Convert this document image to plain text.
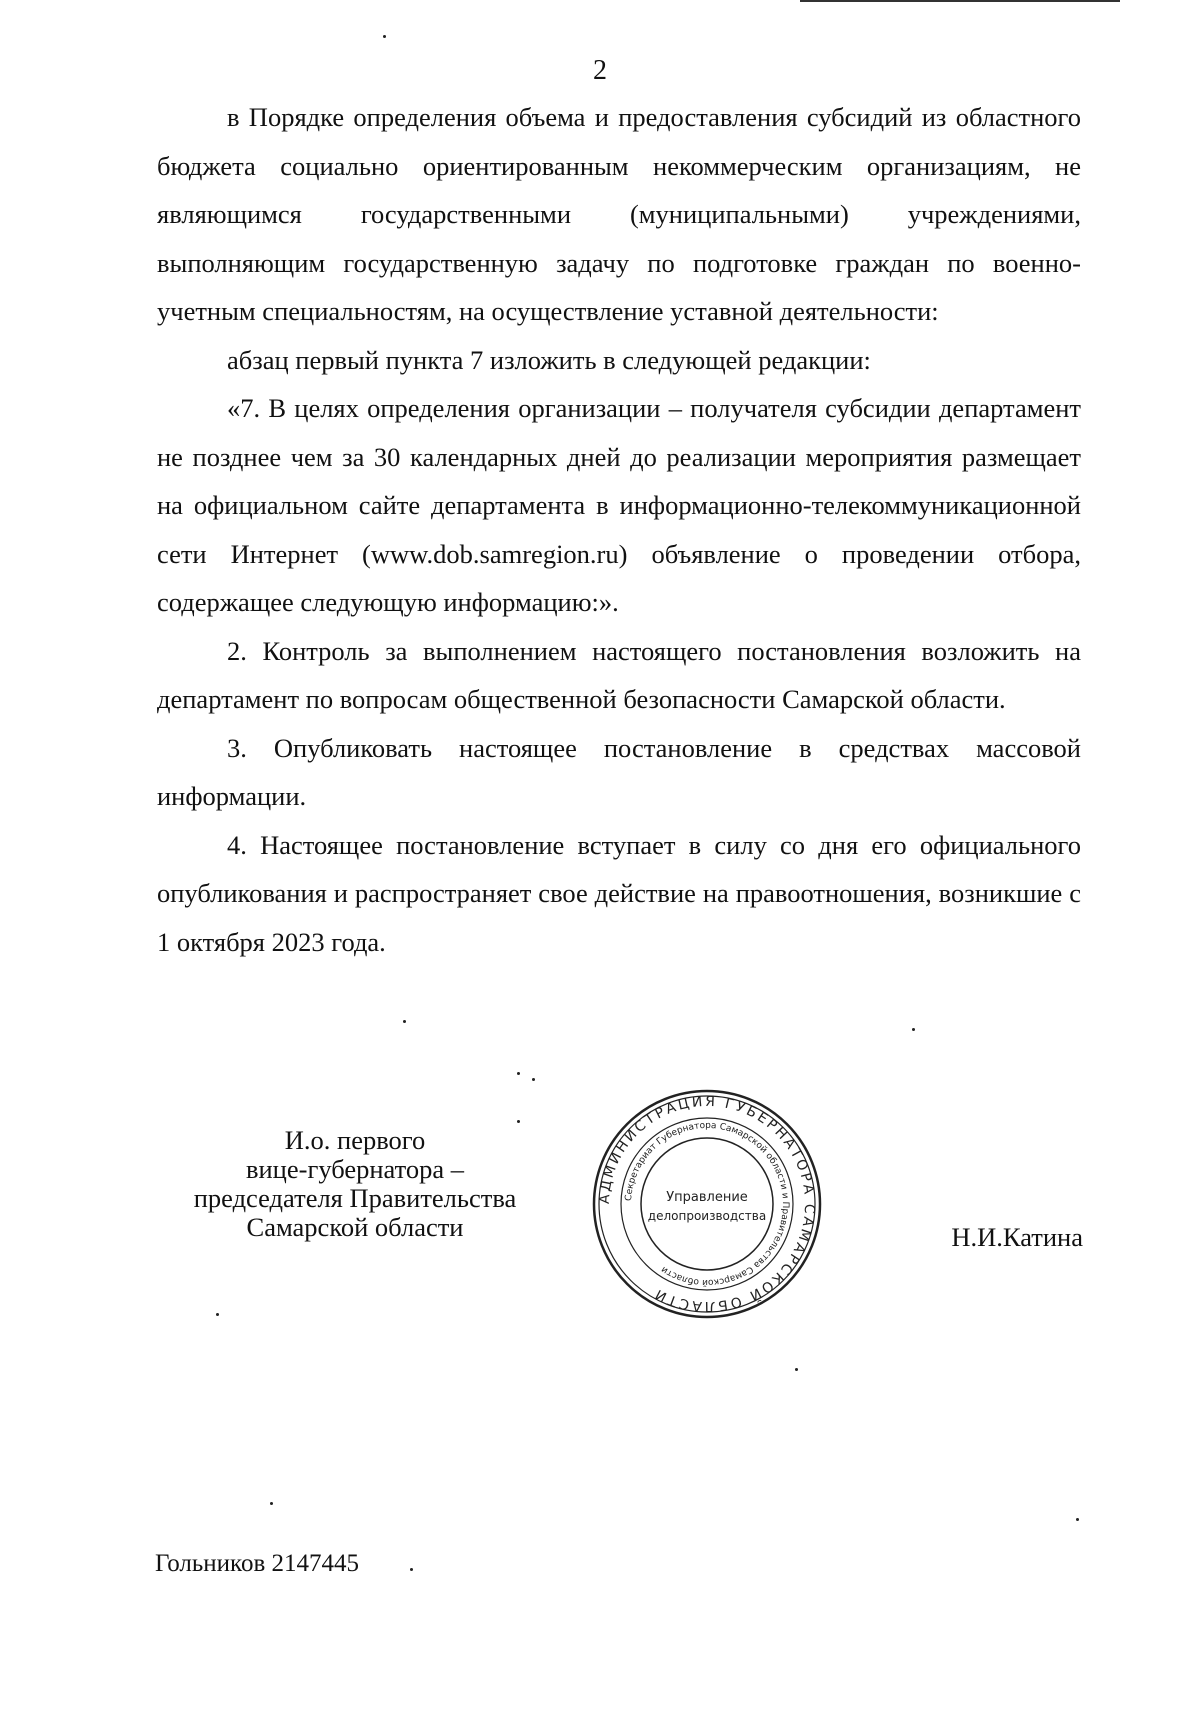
2

в Порядке определения объема и предоставления субсидий из областного бюджета социально ориентированным некоммерческим организациям, не являющимся государственными (муниципальными) учреждениями, выполняющим государственную задачу по подготовке граждан по военно-учетным специальностям, на осуществление уставной деятельности:

абзац первый пункта 7 изложить в следующей редакции:

«7. В целях определения организации – получателя субсидии департамент не позднее чем за 30 календарных дней до реализации мероприятия размещает на официальном сайте департамента в информационно-телекоммуникационной сети Интернет (www.dob.samregion.ru) объявление о проведении отбора, содержащее следующую информацию:».

2. Контроль за выполнением настоящего постановления возложить на департамент по вопросам общественной безопасности Самарской области.

3. Опубликовать настоящее постановление в средствах массовой информации.

4. Настоящее постановление вступает в силу со дня его официального опубликования и распространяет свое действие на правоотношения, возникшие с 1 октября 2023 года.

И.о. первого
вице-губернатора –
председателя Правительства
Самарской области
АДМИНИСТРАЦИЯ ГУБЕРНАТОРА САМАРСКОЙ ОБЛАСТИ
Секретариат Губернатора Самарской области и Правительства Самарской области
Управление
делопроизводства
Н.И.Катина
Гольников 2147445
